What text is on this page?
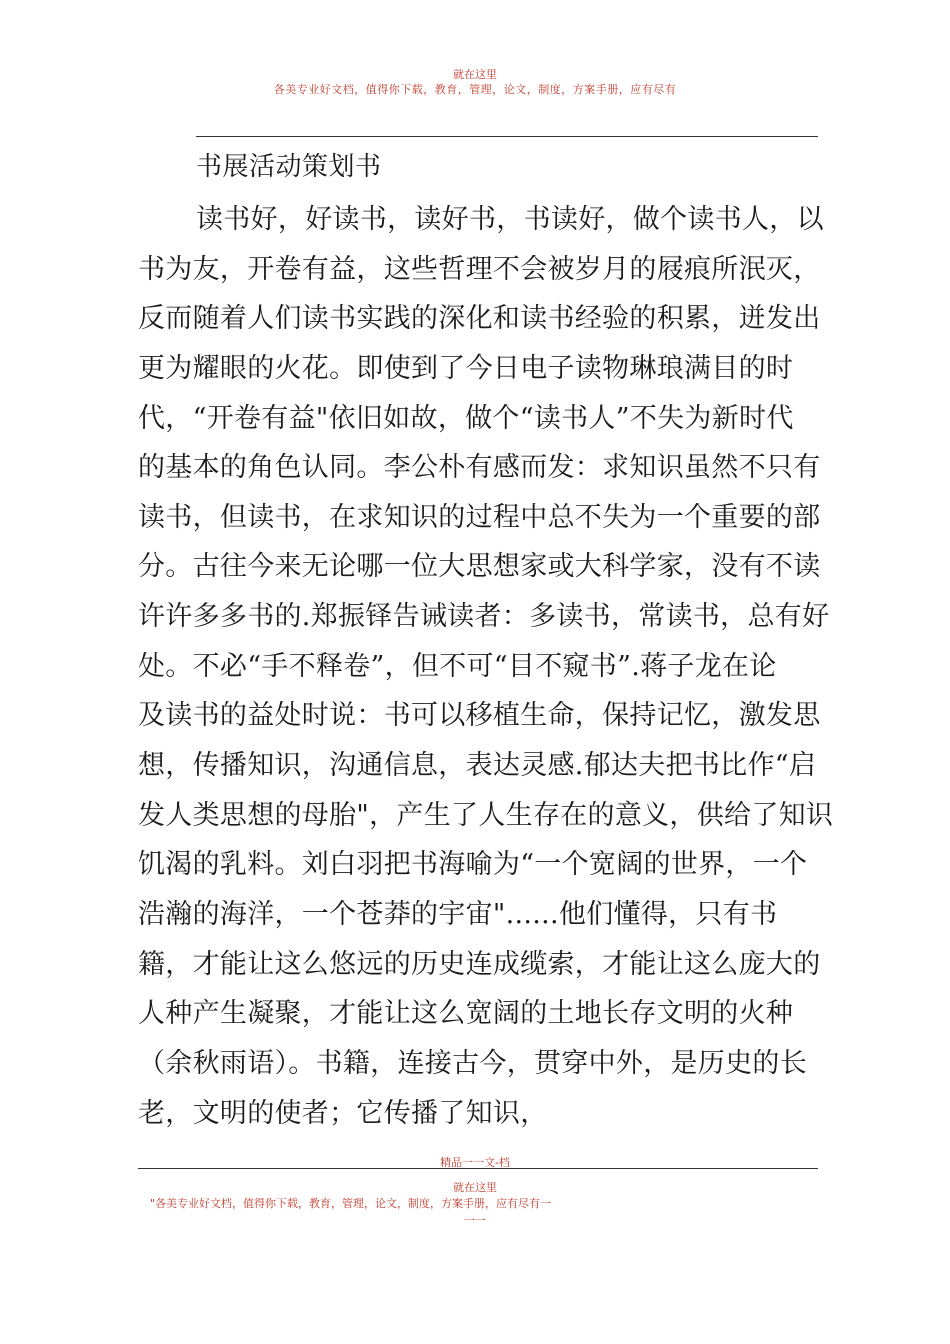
就在这里
各美专业好文档，值得你下载，教育，管理，论文，制度，方案手册，应有尽有
书展活动策划书
读书好，好读书，读好书，书读好，做个读书人，以
书为友，开卷有益，这些哲理不会被岁月的屐痕所泯灭，
反而随着人们读书实践的深化和读书经验的积累，迸发出
更为耀眼的火花。即使到了今日电子读物琳琅满目的时
代，“开卷有益"依旧如故，做个“读书人”不失为新时代
的基本的角色认同。李公朴有感而发：求知识虽然不只有
读书，但读书，在求知识的过程中总不失为一个重要的部
分。古往今来无论哪一位大思想家或大科学家，没有不读
许许多多书的.郑振铎告诫读者：多读书，常读书，总有好
处。不必“手不释卷”，但不可“目不窥书”.蒋子龙在论
及读书的益处时说：书可以移植生命，保持记忆，激发思
想，传播知识，沟通信息，表达灵感.郁达夫把书比作“启
发人类思想的母胎"，产生了人生存在的意义，供给了知识
饥渴的乳料。刘白羽把书海喻为“一个宽阔的世界，一个
浩瀚的海洋，一个苍莽的宇宙"......他们懂得，只有书
籍，才能让这么悠远的历史连成缆索，才能让这么庞大的
人种产生凝聚，才能让这么宽阔的土地长存文明的火种
（余秋雨语）。书籍，连接古今，贯穿中外，是历史的长
老，文明的使者；它传播了知识，
精品一一文-档
就在这里
"各美专业好文档，值得你下载，教育，管理，论文，制度，方案手册，应有尽有一
一一
